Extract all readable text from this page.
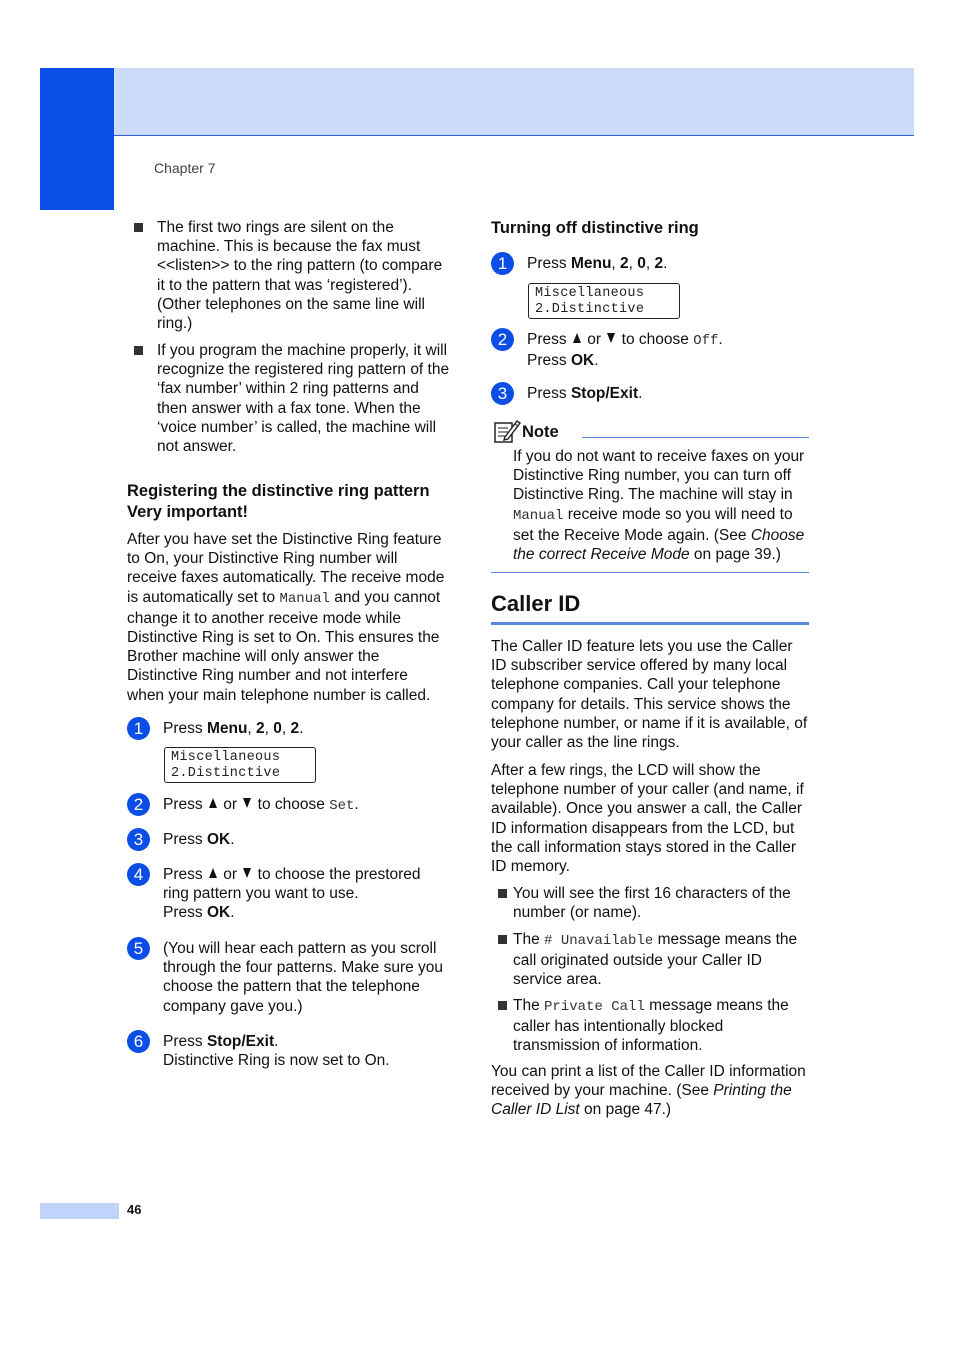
Chapter 7

The first two rings are silent on the machine. This is because the fax must <<listen>> to the ring pattern (to compare it to the pattern that was ‘registered’). (Other telephones on the same line will ring.)

If you program the machine properly, it will recognize the registered ring pattern of the ‘fax number’ within 2 ring patterns and then answer with a fax tone. When the ‘voice number’ is called, the machine will not answer.

Registering the distinctive ring pattern Very important!

After you have set the Distinctive Ring feature to On, your Distinctive Ring number will receive faxes automatically. The receive mode is automatically set to Manual and you cannot change it to another receive mode while Distinctive Ring is set to On. This ensures the Brother machine will only answer the Distinctive Ring number and not interfere when your main telephone number is called.

1	Press Menu, 2, 0, 2.

Miscellaneous
2.Distinctive
2	Press or to choose Set.

3	Press OK.

4	Press or to choose the prestored ring pattern you want to use.
Press OK.

5	(You will hear each pattern as you scroll through the four patterns. Make sure you choose the pattern that the telephone company gave you.)

6	Press Stop/Exit.
Distinctive Ring is now set to On.

Turning off distinctive ring

1	Press Menu, 2, 0, 2.

Miscellaneous
2.Distinctive
2	Press or to choose Off.
Press OK.

3	Press Stop/Exit.

Note

If you do not want to receive faxes on your Distinctive Ring number, you can turn off Distinctive Ring. The machine will stay in Manual receive mode so you will need to set the Receive Mode again. (See Choose the correct Receive Mode on page 39.)

Caller ID

The Caller ID feature lets you use the Caller ID subscriber service offered by many local telephone companies. Call your telephone company for details. This service shows the telephone number, or name if it is available, of your caller as the line rings.

After a few rings, the LCD will show the telephone number of your caller (and name, if available). Once you answer a call, the Caller ID information disappears from the LCD, but the call information stays stored in the Caller ID memory.

You will see the first 16 characters of the number (or name).

The # Unavailable message means the call originated outside your Caller ID service area.

The Private Call message means the caller has intentionally blocked transmission of information.

You can print a list of the Caller ID information received by your machine. (See Printing the Caller ID List on page 47.)

46
